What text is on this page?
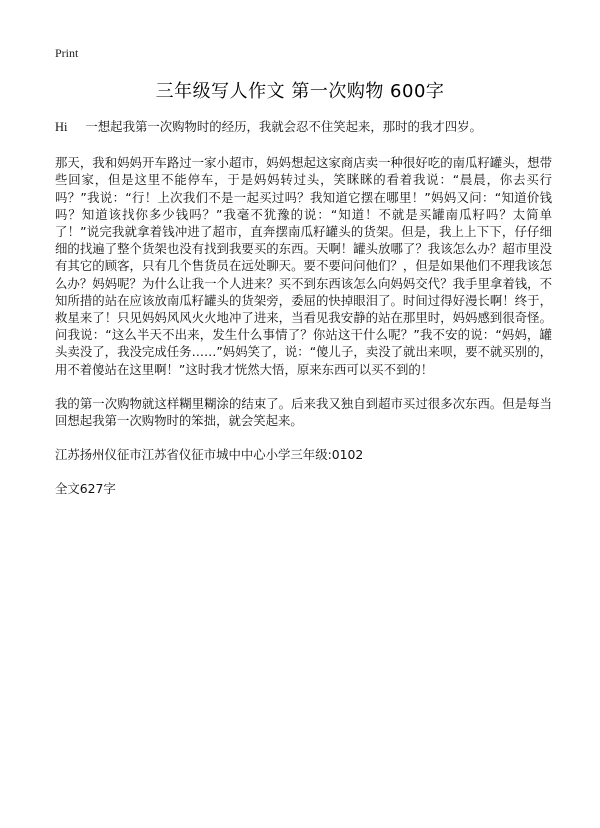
Print
三年级写人作文 第一次购物 600字

Hi 一想起我第一次购物时的经历，我就会忍不住笑起来，那时的我才四岁。

那天，我和妈妈开车路过一家小超市，妈妈想起这家商店卖一种很好吃的南瓜籽罐头，想带些回家，但是这里不能停车，于是妈妈转过头，笑眯眯的看着我说：“晨晨，你去买行吗？”我说：“行！上次我们不是一起买过吗？我知道它摆在哪里！”妈妈又问：“知道价钱吗？知道该找你多少钱吗？”我毫不犹豫的说：“知道！不就是买罐南瓜籽吗？太简单了！”说完我就拿着钱冲进了超市，直奔摆南瓜籽罐头的货架。但是，我上上下下，仔仔细细的找遍了整个货架也没有找到我要买的东西。天啊！罐头放哪了？我该怎么办？超市里没有其它的顾客，只有几个售货员在远处聊天。要不要问问他们？，但是如果他们不理我该怎么办？妈妈呢？为什么让我一个人进来？买不到东西该怎么向妈妈交代？我手里拿着钱，不知所措的站在应该放南瓜籽罐头的货架旁，委屈的快掉眼泪了。时间过得好漫长啊！终于，救星来了！只见妈妈风风火火地冲了进来，当看见我安静的站在那里时，妈妈感到很奇怪。问我说：“这么半天不出来，发生什么事情了？你站这干什么呢？”我不安的说：“妈妈，罐头卖没了，我没完成任务……”妈妈笑了，说：“傻儿子，卖没了就出来呗，要不就买别的，用不着傻站在这里啊！”这时我才恍然大悟，原来东西可以买不到的！

我的第一次购物就这样糊里糊涂的结束了。后来我又独自到超市买过很多次东西。但是每当回想起我第一次购物时的笨拙，就会笑起来。

江苏扬州仪征市江苏省仪征市城中中心小学三年级:0102

全文627字
